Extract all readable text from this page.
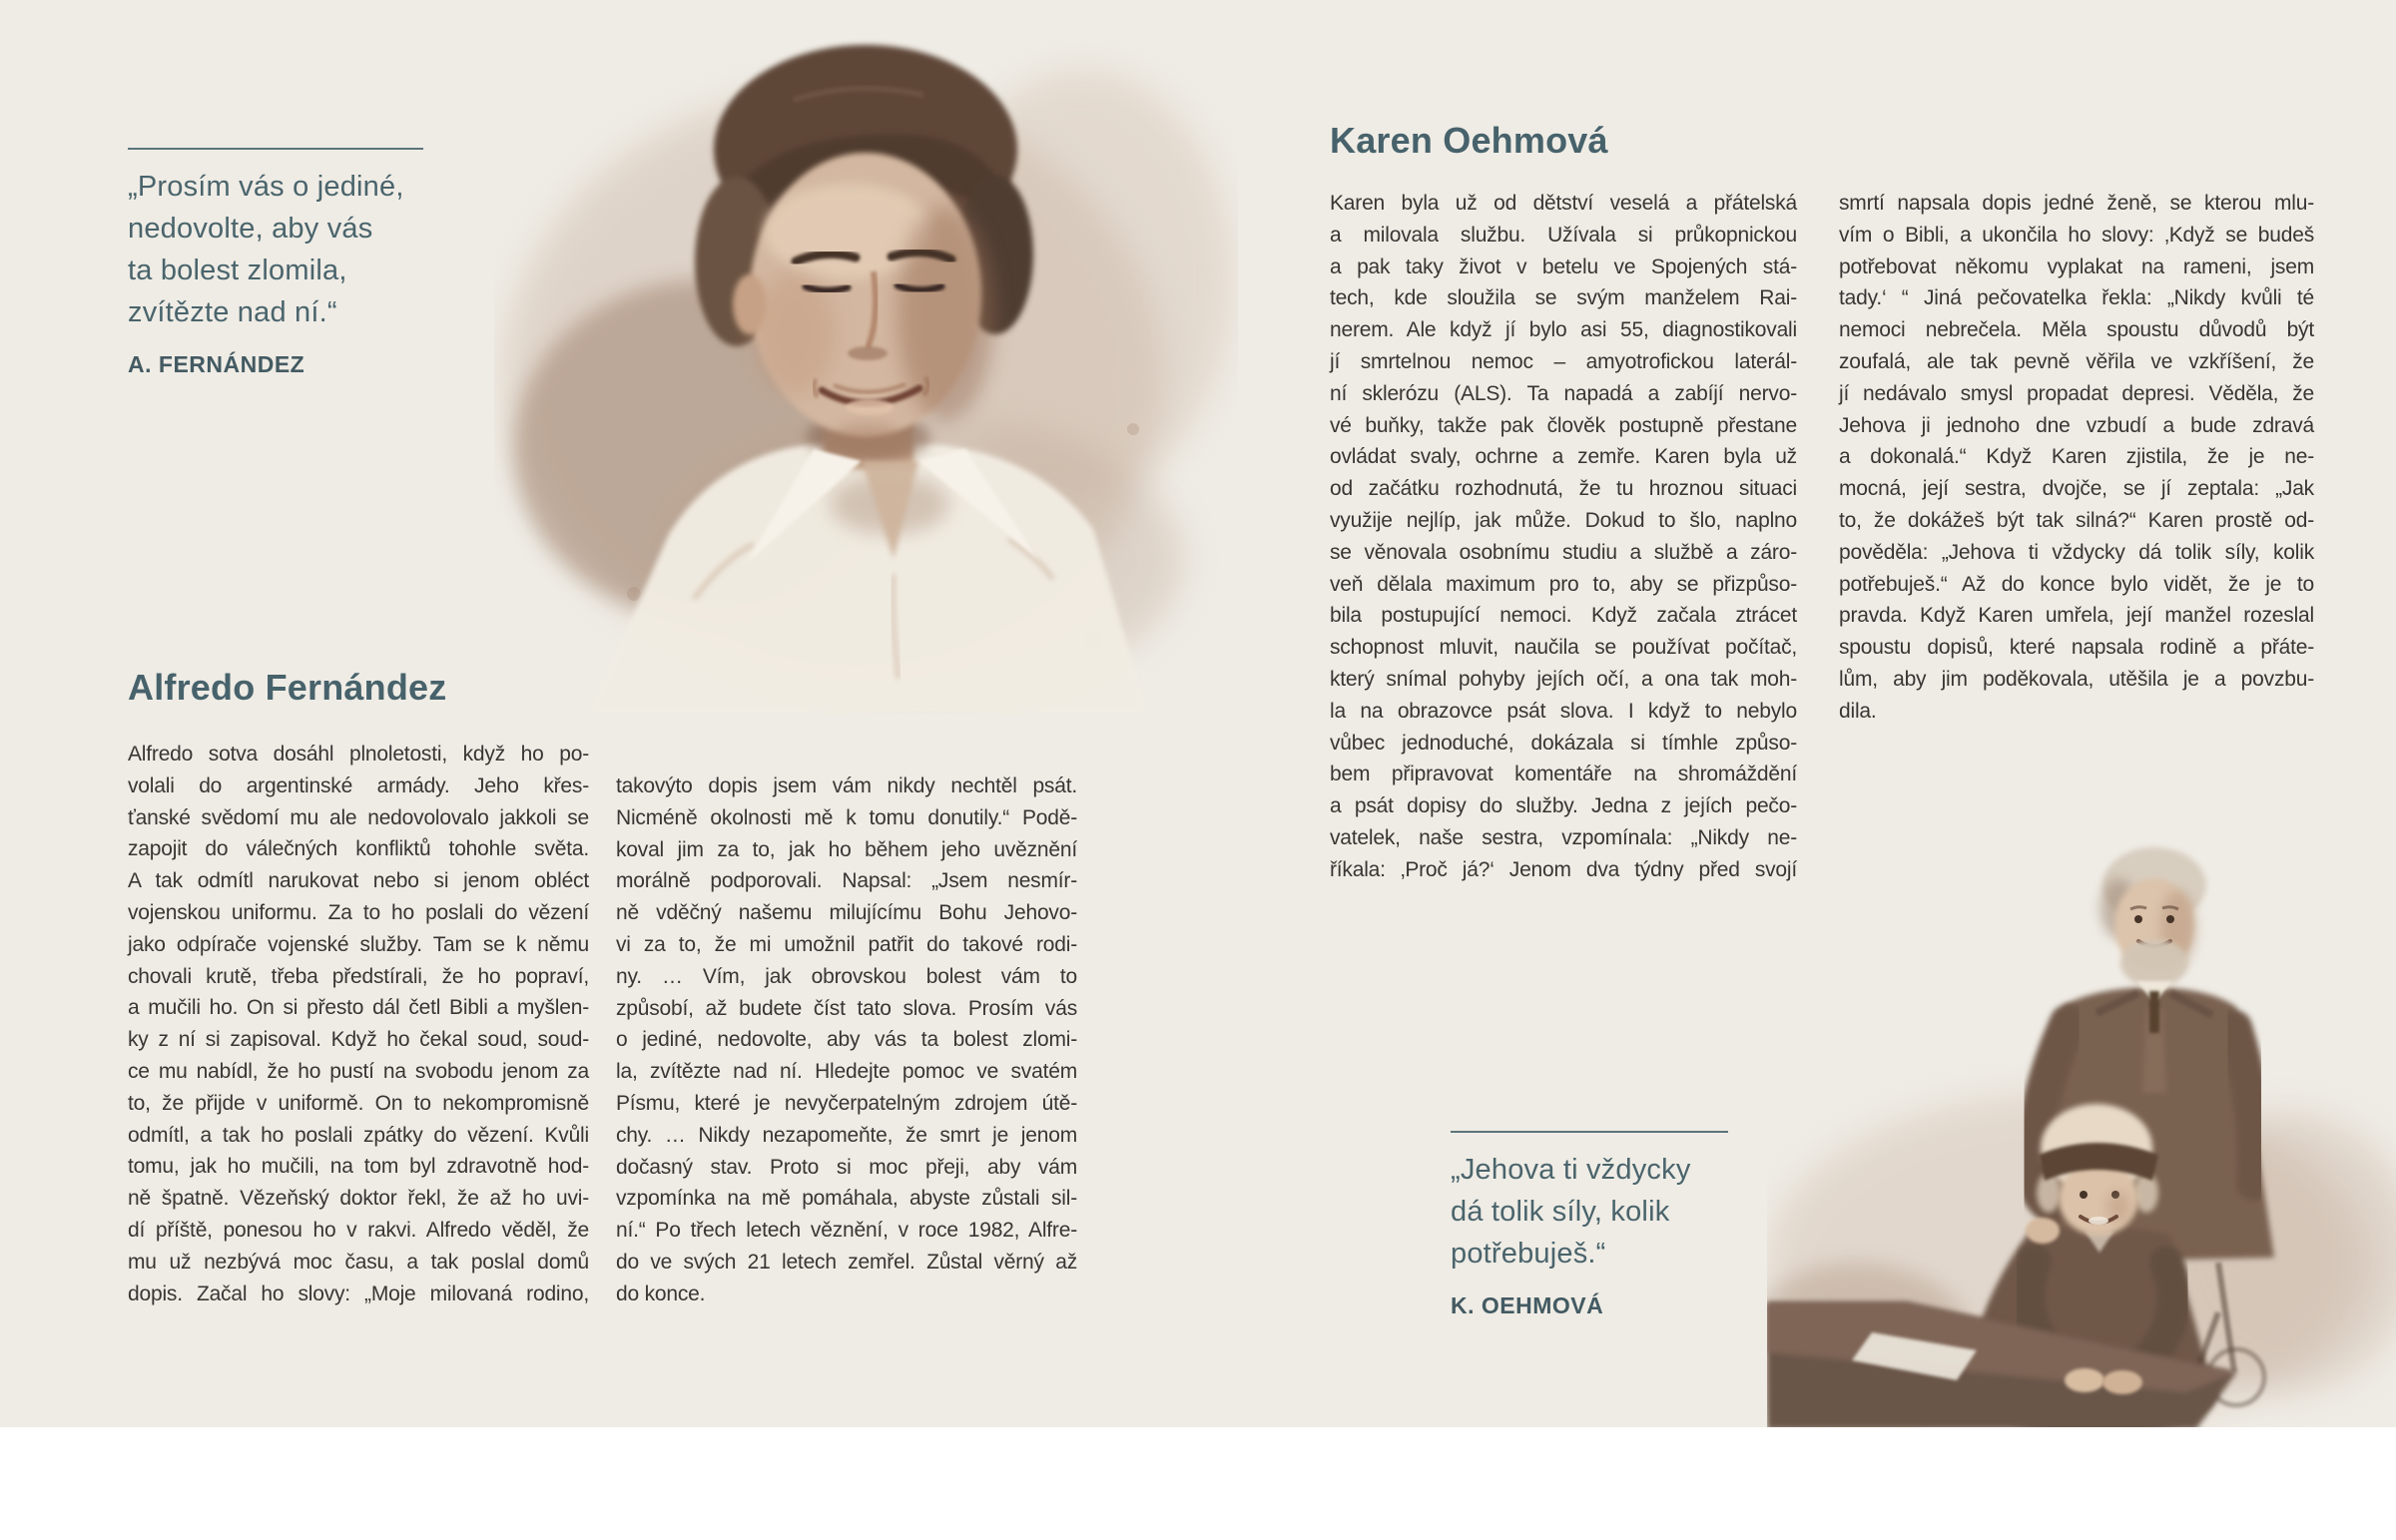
„Prosím vás o jediné,
nedovolte, aby vás
ta bolest zlomila,
zvítězte nad ní.“
A. FERNÁNDEZ
Alfredo Fernández
Alfredo sotva dosáhl plnoletosti, když ho po-
volali do argentinské armády. Jeho křes-
ťanské svědomí mu ale nedovolovalo jakkoli se
zapojit do válečných konfliktů tohohle světa.
A tak odmítl narukovat nebo si jenom obléct
vojenskou uniformu. Za to ho poslali do vězení
jako odpírače vojenské služby. Tam se k němu
chovali krutě, třeba předstírali, že ho popraví,
a mučili ho. On si přesto dál četl Bibli a myšlen-
ky z ní si zapisoval. Když ho čekal soud, soud-
ce mu nabídl, že ho pustí na svobodu jenom za
to, že přijde v uniformě. On to nekompromisně
odmítl, a tak ho poslali zpátky do vězení. Kvůli
tomu, jak ho mučili, na tom byl zdravotně hod-
ně špatně. Vězeňský doktor řekl, že až ho uvi-
dí příště, ponesou ho v rakvi. Alfredo věděl, že
mu už nezbývá moc času, a tak poslal domů
dopis. Začal ho slovy: „Moje milovaná rodino,
takovýto dopis jsem vám nikdy nechtěl psát.
Nicméně okolnosti mě k tomu donutily.“ Podě-
koval jim za to, jak ho během jeho uvěznění
morálně podporovali. Napsal: „Jsem nesmír-
ně vděčný našemu milujícímu Bohu Jehovo-
vi za to, že mi umožnil patřit do takové rodi-
ny. … Vím, jak obrovskou bolest vám to
způsobí, až budete číst tato slova. Prosím vás
o jediné, nedovolte, aby vás ta bolest zlomi-
la, zvítězte nad ní. Hledejte pomoc ve svatém
Písmu, které je nevyčerpatelným zdrojem útě-
chy. … Nikdy nezapomeňte, že smrt je jenom
dočasný stav. Proto si moc přeji, aby vám
vzpomínka na mě pomáhala, abyste zůstali sil-
ní.“ Po třech letech věznění, v roce 1982, Alfre-
do ve svých 21 letech zemřel. Zůstal věrný až
do konce.
Karen Oehmová
Karen byla už od dětství veselá a přátelská
a milovala službu. Užívala si průkopnickou
a pak taky život v betelu ve Spojených stá-
tech, kde sloužila se svým manželem Rai-
nerem. Ale když jí bylo asi 55, diagnostikovali
jí smrtelnou nemoc – amyotrofickou laterál-
ní sklerózu (ALS). Ta napadá a zabíjí nervo-
vé buňky, takže pak člověk postupně přestane
ovládat svaly, ochrne a zemře. Karen byla už
od začátku rozhodnutá, že tu hroznou situaci
využije nejlíp, jak může. Dokud to šlo, naplno
se věnovala osobnímu studiu a službě a záro-
veň dělala maximum pro to, aby se přizpůso-
bila postupující nemoci. Když začala ztrácet
schopnost mluvit, naučila se používat počítač,
který snímal pohyby jejích očí, a ona tak moh-
la na obrazovce psát slova. I když to nebylo
vůbec jednoduché, dokázala si tímhle způso-
bem připravovat komentáře na shromáždění
a psát dopisy do služby. Jedna z jejích pečo-
vatelek, naše sestra, vzpomínala: „Nikdy ne-
říkala: ‚Proč já?‘ Jenom dva týdny před svojí
smrtí napsala dopis jedné ženě, se kterou mlu-
vím o Bibli, a ukončila ho slovy: ‚Když se budeš
potřebovat někomu vyplakat na rameni, jsem
tady.‘ “ Jiná pečovatelka řekla: „Nikdy kvůli té
nemoci nebrečela. Měla spoustu důvodů být
zoufalá, ale tak pevně věřila ve vzkříšení, že
jí nedávalo smysl propadat depresi. Věděla, že
Jehova ji jednoho dne vzbudí a bude zdravá
a dokonalá.“ Když Karen zjistila, že je ne-
mocná, její sestra, dvojče, se jí zeptala: „Jak
to, že dokážeš být tak silná?“ Karen prostě od-
pověděla: „Jehova ti vždycky dá tolik síly, kolik
potřebuješ.“ Až do konce bylo vidět, že je to
pravda. Když Karen umřela, její manžel rozeslal
spoustu dopisů, které napsala rodině a přáte-
lům, aby jim poděkovala, utěšila je a povzbu-
dila.
„Jehova ti vždycky
dá tolik síly, kolik
potřebuješ.“
K. OEHMOVÁ
